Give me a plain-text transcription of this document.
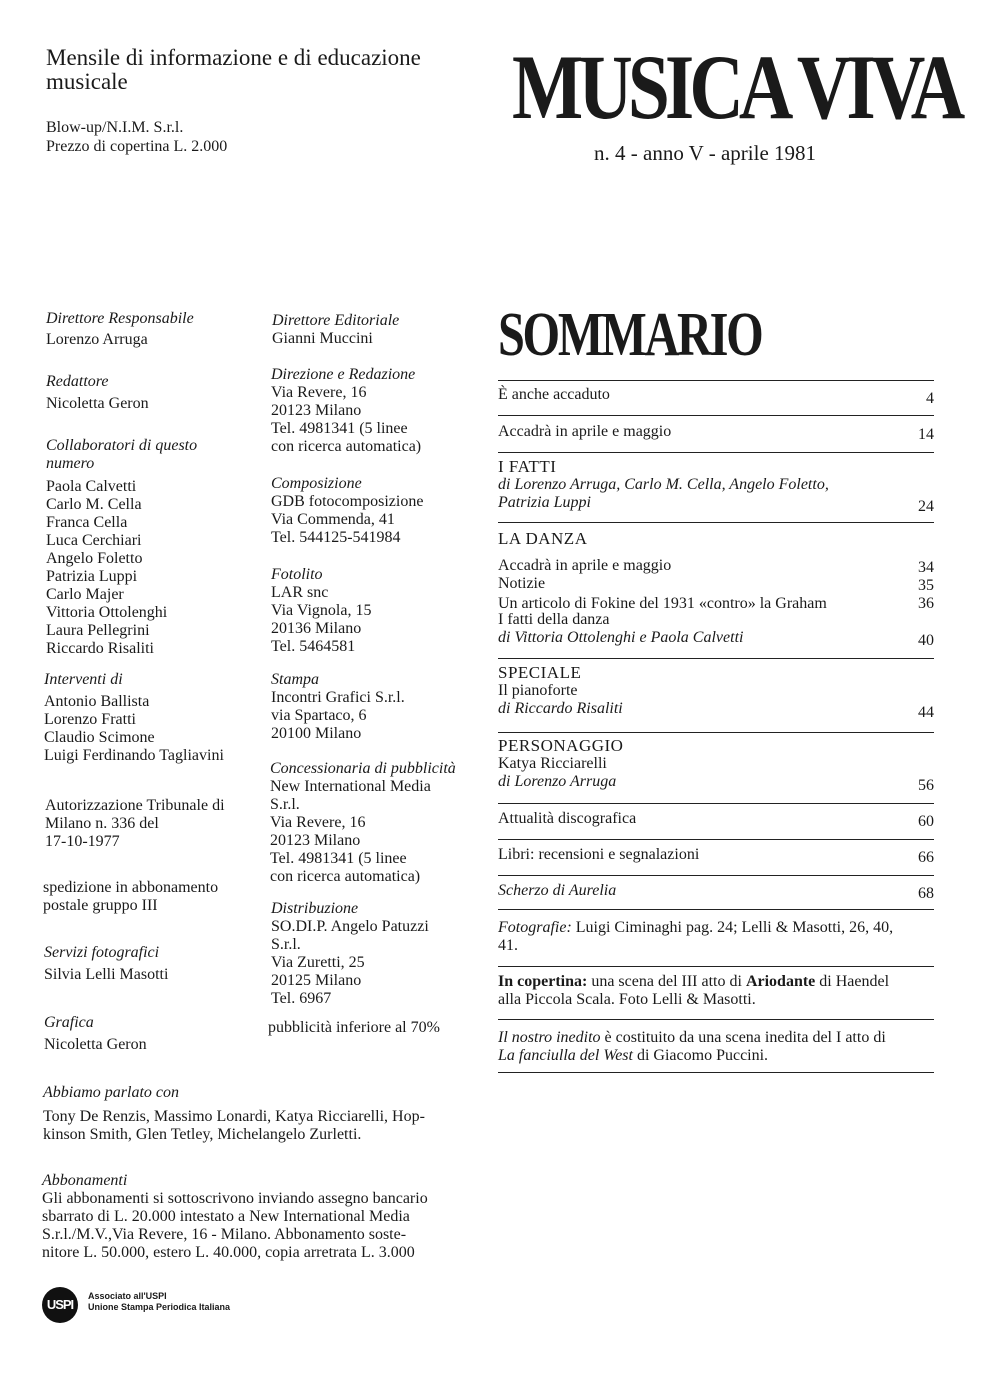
Mensile di informazione e di educazione
musicale
Blow-up/N.I.M. S.r.l.
Prezzo di copertina L. 2.000
MUSICA VIVA
n. 4 - anno V - aprile 1981
Direttore Responsabile
Lorenzo Arruga
Redattore
Nicoletta Geron
Collaboratori di questo
numero
Paola Calvetti
Carlo M. Cella
Franca Cella
Luca Cerchiari
Angelo Foletto
Patrizia Luppi
Carlo Majer
Vittoria Ottolenghi
Laura Pellegrini
Riccardo Risaliti
Interventi di
Antonio Ballista
Lorenzo Fratti
Claudio Scimone
Luigi Ferdinando Tagliavini
Autorizzazione Tribunale di
Milano n. 336 del
17-10-1977
spedizione in abbonamento
postale gruppo III
Servizi fotografici
Silvia Lelli Masotti
Grafica
Nicoletta Geron
Direttore Editoriale
Gianni Muccini
Direzione e Redazione
Via Revere, 16
20123 Milano
Tel. 4981341 (5 linee
con ricerca automatica)
Composizione
GDB fotocomposizione
Via Commenda, 41
Tel. 544125-541984
Fotolito
LAR snc
Via Vignola, 15
20136 Milano
Tel. 5464581
Stampa
Incontri Grafici S.r.l.
via Spartaco, 6
20100 Milano
Concessionaria di pubblicità
New International Media
S.r.l.
Via Revere, 16
20123 Milano
Tel. 4981341 (5 linee
con ricerca automatica)
Distribuzione
SO.DI.P. Angelo Patuzzi
S.r.l.
Via Zuretti, 25
20125 Milano
Tel. 6967
pubblicità inferiore al 70%
Abbiamo parlato con
Tony De Renzis, Massimo Lonardi, Katya Ricciarelli, Hop-
kinson Smith, Glen Tetley, Michelangelo Zurletti.
Abbonamenti
Gli abbonamenti si sottoscrivono inviando assegno bancario
sbarrato di L. 20.000 intestato a New International Media
S.r.l./M.V.,Via Revere, 16 - Milano. Abbonamento soste-
nitore L. 50.000, estero L. 40.000, copia arretrata L. 3.000
USPI
Associato all'USPI
Unione Stampa Periodica Italiana
SOMMARIO
È anche accaduto	4
Accadrà in aprile e maggio	14
I FATTI
di Lorenzo Arruga, Carlo M. Cella, Angelo Foletto,
Patrizia Luppi	24
LA DANZA
Accadrà in aprile e maggio	34
Notizie	35
Un articolo di Fokine del 1931 «contro» la Graham	36
I fatti della danza
di Vittoria Ottolenghi e Paola Calvetti	40
SPECIALE
Il pianoforte
di Riccardo Risaliti	44
PERSONAGGIO
Katya Ricciarelli
di Lorenzo Arruga	56
Attualità discografica	60
Libri: recensioni e segnalazioni	66
Scherzo di Aurelia	68
Fotografie: Luigi Ciminaghi pag. 24; Lelli & Masotti, 26, 40,
41.
In copertina: una scena del III atto di Ariodante di Haendel
alla Piccola Scala. Foto Lelli & Masotti.
Il nostro inedito è costituito da una scena inedita del I atto di
La fanciulla del West di Giacomo Puccini.
